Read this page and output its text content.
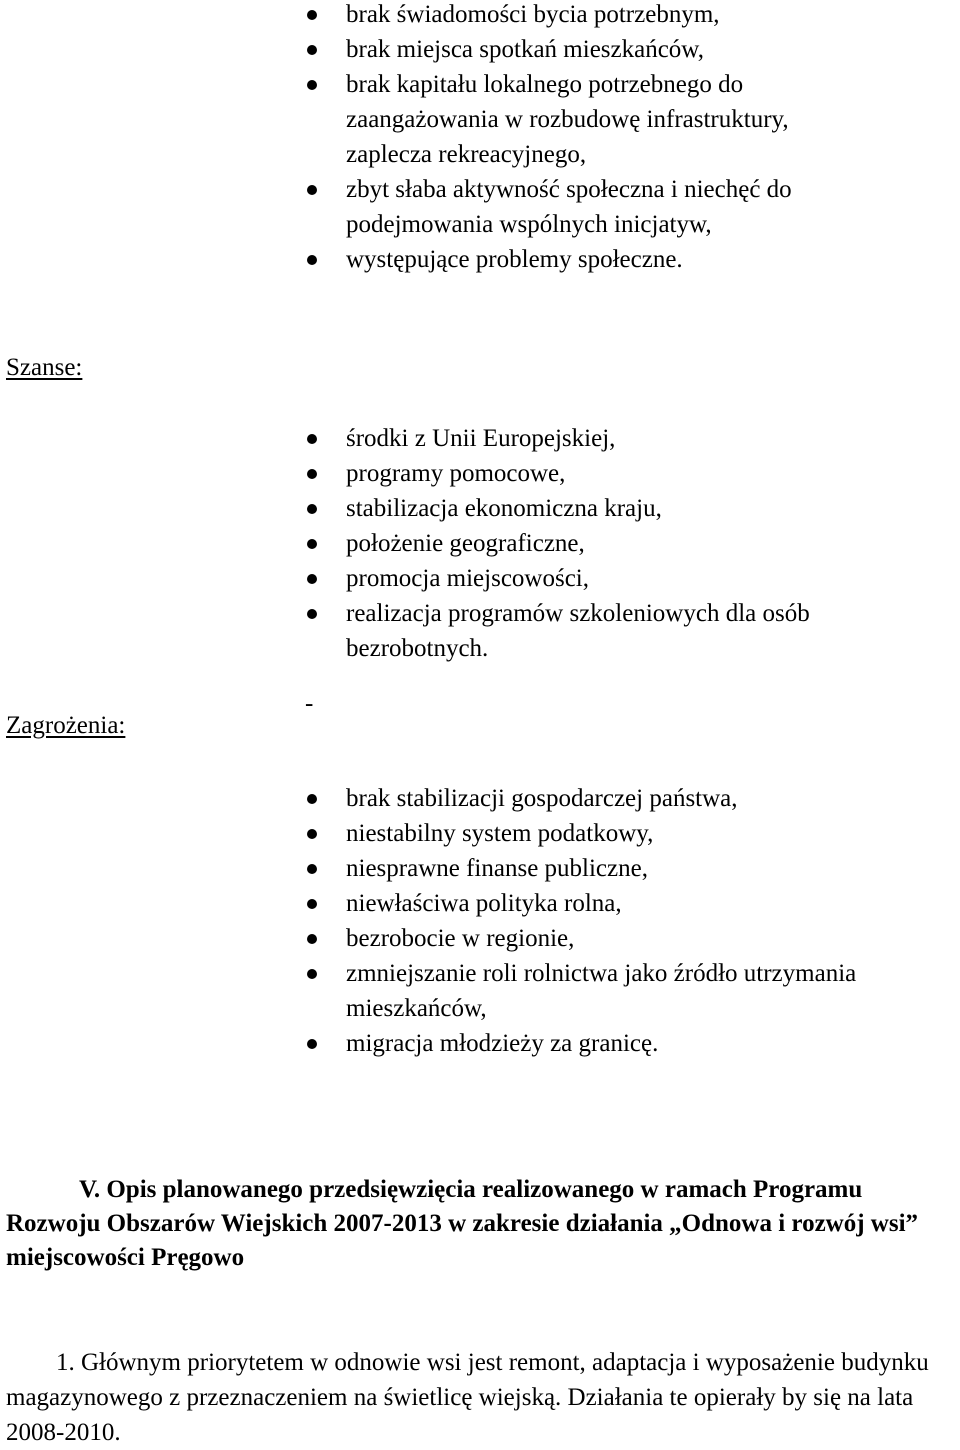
brak świadomości bycia potrzebnym,
brak miejsca spotkań mieszkańców,
brak kapitału lokalnego potrzebnego do zaangażowania w rozbudowę infrastruktury, zaplecza rekreacyjnego,
zbyt słaba aktywność społeczna i niechęć do podejmowania wspólnych inicjatyw,
występujące problemy społeczne.
Szanse:
środki z Unii Europejskiej,
programy pomocowe,
stabilizacja ekonomiczna kraju,
położenie geograficzne,
promocja miejscowości,
realizacja programów szkoleniowych dla osób bezrobotnych.
-
Zagrożenia:
brak stabilizacji gospodarczej państwa,
niestabilny system podatkowy,
niesprawne finanse publiczne,
niewłaściwa polityka rolna,
bezrobocie w regionie,
zmniejszanie roli rolnictwa jako źródło utrzymania mieszkańców,
migracja młodzieży za granicę.
V. Opis planowanego przedsięwzięcia realizowanego w ramach Programu Rozwoju Obszarów Wiejskich 2007-2013 w zakresie działania „Odnowa i rozwój wsi” miejscowości Pręgowo
1. Głównym priorytetem w odnowie wsi jest remont, adaptacja i wyposażenie budynku magazynowego z przeznaczeniem na świetlicę wiejską. Działania te opierały by się na lata 2008-2010.
